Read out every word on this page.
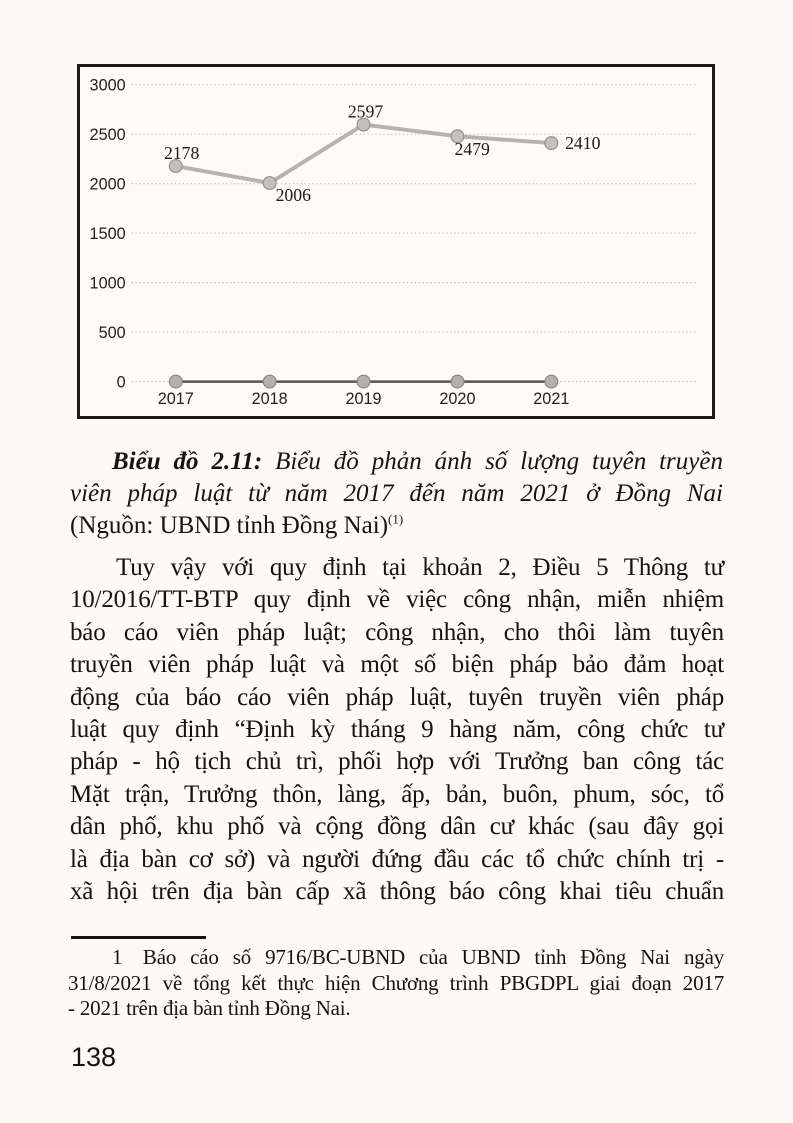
0
500
1000
1500
2000
2500
3000
2017	2018	2019	2020	2021
2178
2006
2597
2479	2410
Biểu đồ 2.11: Biểu đồ phản ánh số lượng tuyên truyền
viên pháp luật từ năm 2017 đến năm 2021 ở Đồng Nai
(Nguồn: UBND tỉnh Đồng Nai)$^{(1)}$
Tuy vậy với quy định tại khoản 2, Điều 5 Thông tư
10/2016/TT-BTP quy định về việc công nhận, miễn nhiệm
báo cáo viên pháp luật; công nhận, cho thôi làm tuyên
truyền viên pháp luật và một số biện pháp bảo đảm hoạt
động của báo cáo viên pháp luật, tuyên truyền viên pháp
luật quy định “Định kỳ tháng 9 hàng năm, công chức tư
pháp - hộ tịch chủ trì, phối hợp với Trưởng ban công tác
Mặt trận, Trưởng thôn, làng, ấp, bản, buôn, phum, sóc, tổ
dân phố, khu phố và cộng đồng dân cư khác (sau đây gọi
là địa bàn cơ sở) và người đứng đầu các tổ chức chính trị -
xã hội trên địa bàn cấp xã thông báo công khai tiêu chuẩn
1  Báo cáo số 9716/BC-UBND của UBND tỉnh Đồng Nai ngày
31/8/2021 về tổng kết thực hiện Chương trình PBGDPL giai đoạn 2017
- 2021 trên địa bàn tỉnh Đồng Nai.
138
